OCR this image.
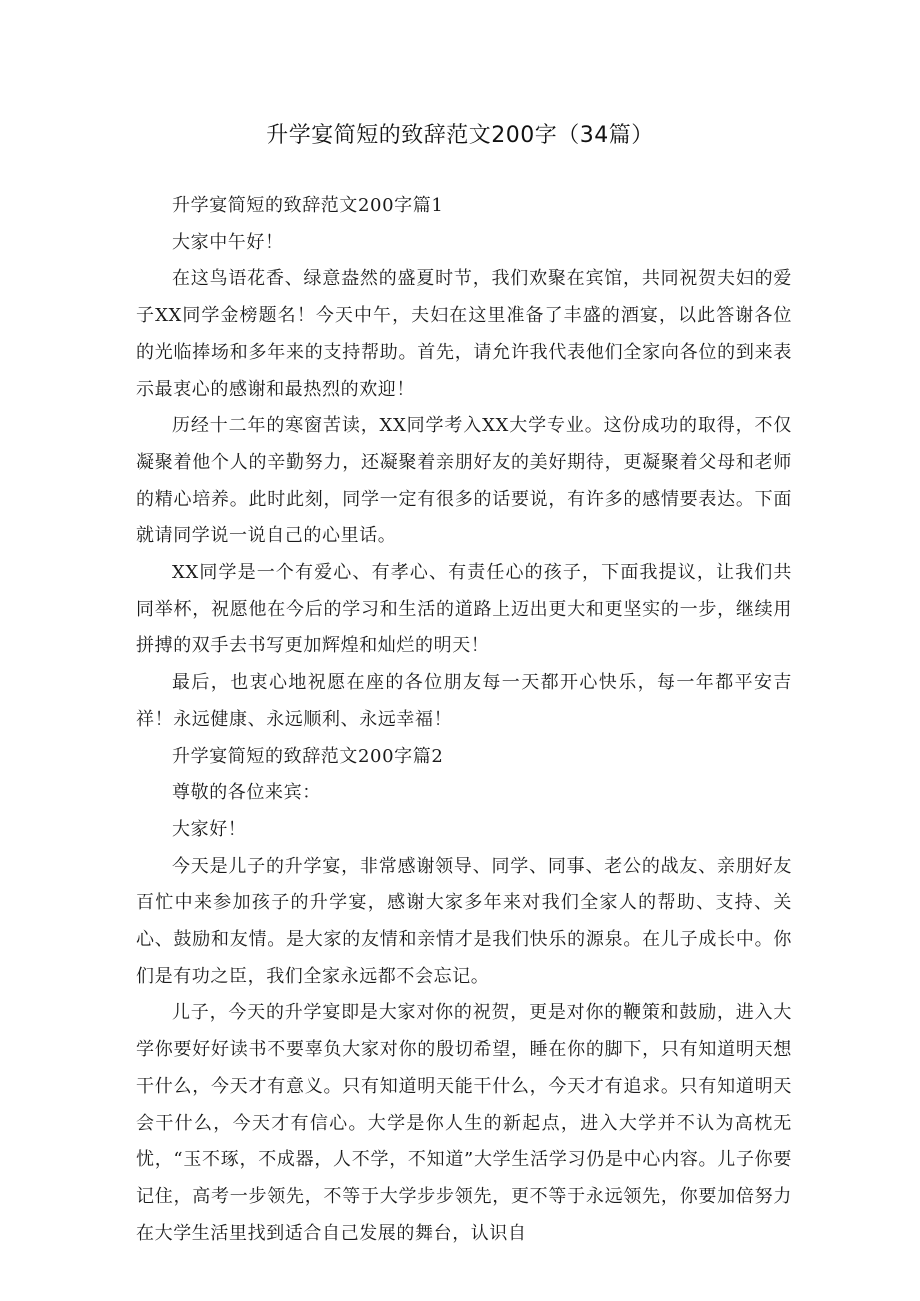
升学宴简短的致辞范文200字（34篇）

升学宴简短的致辞范文200字篇1

大家中午好！

在这鸟语花香、绿意盎然的盛夏时节，我们欢聚在宾馆，共同祝贺夫妇的爱子XX同学金榜题名！今天中午，夫妇在这里准备了丰盛的酒宴，以此答谢各位的光临捧场和多年来的支持帮助。首先，请允许我代表他们全家向各位的到来表示最衷心的感谢和最热烈的欢迎！

历经十二年的寒窗苦读，XX同学考入XX大学专业。这份成功的取得，不仅凝聚着他个人的辛勤努力，还凝聚着亲朋好友的美好期待，更凝聚着父母和老师的精心培养。此时此刻，同学一定有很多的话要说，有许多的感情要表达。下面就请同学说一说自己的心里话。

XX同学是一个有爱心、有孝心、有责任心的孩子，下面我提议，让我们共同举杯，祝愿他在今后的学习和生活的道路上迈出更大和更坚实的一步，继续用拼搏的双手去书写更加辉煌和灿烂的明天！

最后，也衷心地祝愿在座的各位朋友每一天都开心快乐，每一年都平安吉祥！永远健康、永远顺利、永远幸福！

升学宴简短的致辞范文200字篇2

尊敬的各位来宾：

大家好！

今天是儿子的升学宴，非常感谢领导、同学、同事、老公的战友、亲朋好友百忙中来参加孩子的升学宴，感谢大家多年来对我们全家人的帮助、支持、关心、鼓励和友情。是大家的友情和亲情才是我们快乐的源泉。在儿子成长中。你们是有功之臣，我们全家永远都不会忘记。

儿子，今天的升学宴即是大家对你的祝贺，更是对你的鞭策和鼓励，进入大学你要好好读书不要辜负大家对你的殷切希望，睡在你的脚下，只有知道明天想干什么，今天才有意义。只有知道明天能干什么，今天才有追求。只有知道明天会干什么，今天才有信心。大学是你人生的新起点，进入大学并不认为高枕无忧，“玉不琢，不成器，人不学，不知道”大学生活学习仍是中心内容。儿子你要记住，高考一步领先，不等于大学步步领先，更不等于永远领先，你要加倍努力在大学生活里找到适合自己发展的舞台，认识自
